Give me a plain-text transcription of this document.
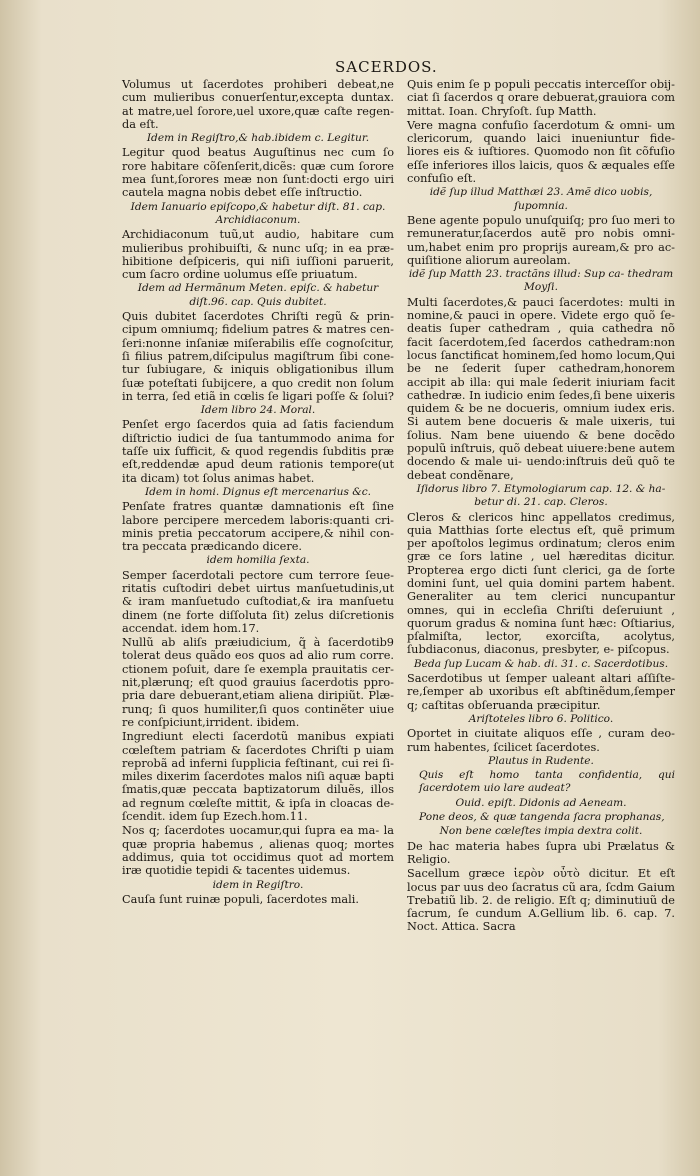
SACERDOS.

Volumus ut ſacerdotes prohiberi debeat,ne cum mulieribus conuerſentur,excepta duntax. at matre,uel ſorore,uel uxore,quæ caſte regen- da eſt.

Idem in Regiſtro,& hab.ibidem c. Legitur.

Legitur quod beatus Auguſtinus nec cum ſo rore habitare cõſenſerit,dicẽs: quæ cum ſorore mea ſunt,ſorores meæ non ſunt:docti ergo uiri cautela magna nobis debet eſſe inſtructio.

Idem Ianuario epiſcopo,& habetur diſt. 81. cap. Archidiaconum.

Archidiaconum tuũ,ut audio, habitare cum mulieribus prohibuiſti, & nunc uſq; in ea præ- hibitione deſpiceris, qui niſi iuſſioni paruerit, cum ſacro ordine uolumus eſſe priuatum.

Idem ad Hermãnum Meten. epiſc. & habetur diſt.96. cap. Quis dubitet.

Quis dubitet ſacerdotes Chriſti regũ & prin- cipum omniumq; fidelium patres & matres cen- ſeri:nonne inſaniæ miſerabilis eſſe cognoſcitur, ſi filius patrem,diſcipulus magiſtrum ſibi cone- tur ſubiugare, & iniquis obligationibus illum ſuæ poteſtati ſubijcere, a quo credit non ſolum in terra, ſed etiã in cœlis ſe ligari poſſe & ſolui?

Idem libro 24. Moral.

Penſet ergo ſacerdos quia ad ſatis faciendum diſtrictio iudici de ſua tantummodo anima for taſſe uix ſufficit, & quod regendis ſubditis præ eſt,reddendæ apud deum rationis tempore(ut ita dicam) tot ſolus animas habet.

Idem in homi. Dignus eſt mercenarius &c.

Penſate fratres quantæ damnationis eſt ſine labore percipere mercedem laboris:quanti cri- minis pretia peccatorum accipere,& nihil con- tra peccata prædicando dicere.

idem homilia ſexta.

Semper ſacerdotali pectore cum terrore ſeue- ritatis cuſtodiri debet uirtus manſuetudinis,ut & iram manſuetudo cuſtodiat,& ira manſuetu dinem (ne forte diſſoluta ſit) zelus diſcretionis accendat. idem hom.17.

Nullũ ab aliſs præiudicium, q̃ à ſacerdotib9 tolerat deus quãdo eos quos ad alio rum corre. ctionem poſuit, dare ſe exempla prauitatis cer- nit,plærunq; eſt quod grauius ſacerdotis ppro- pria dare debuerant,etiam aliena diripiũt. Plæ- runq; ſi quos humiliter,ſi quos continẽter uiue re conſpiciunt,irrident. ibidem.

Ingrediunt electi ſacerdotũ manibus expiati cœleſtem patriam & ſacerdotes Chriſti p uiam reprobã ad inferni ſupplicia feſtinant, cui rei ſi- miles dixerim ſacerdotes malos niſi aquæ bapti ſmatis,quæ peccata baptizatorum diluẽs, illos ad regnum cœleſte mittit, & ipſa in cloacas de- ſcendit. idem ſup Ezech.hom.11.

Nos q; ſacerdotes uocamur,qui ſupra ea ma- la quæ propria habemus , alienas quoq; mortes addimus, quia tot occidimus quot ad mortem iræ quotidie tepidi & tacentes uidemus.

idem in Regiſtro.

Cauſa ſunt ruinæ populi, ſacerdotes mali.

Quis enim ſe p populi peccatis interceſſor obij- ciat ſi ſacerdos q orare debuerat,grauiora com mittat. Ioan. Chryſoſt. ſup Matth.

Vere magna confuſio ſacerdotum & omni- um clericorum, quando laici inueniuntur fide- liores eis & iuſtiores. Quomodo non ſit cõfuſio eſſe inferiores illos laicis, quos & æquales eſſe confuſio eſt.

idẽ ſup illud Matthæi 23. Amẽ dico uobis, ſupomnia.

Bene agente populo unuſquiſq; pro ſuo meri to remuneratur,ſacerdos autẽ pro nobis omni- um,habet enim pro proprijs auream,& pro ac- quiſitione aliorum aureolam.

idẽ ſup Matth 23. tractãns illud: Sup ca- thedram Moyſi.

Multi ſacerdotes,& pauci ſacerdotes: multi in nomine,& pauci in opere. Videte ergo quõ ſe- deatis ſuper cathedram , quia cathedra nõ facit ſacerdotem,ſed ſacerdos cathedram:non locus ſanctificat hominem,ſed homo locum,Qui be ne ſederit ſuper cathedram,honorem accipit ab illa: qui male ſederit iniuriam facit cathedræ. In iudicio enim ſedes,ſi bene uixeris quidem & be ne docueris, omnium iudex eris. Si autem bene docueris & male uixeris, tui ſolius. Nam bene uiuendo & bene docẽdo populũ inſtruis, quõ debeat uiuere:bene autem docendo & male ui- uendo:inſtruis deũ quõ te debeat condẽnare,

Iſidorus libro 7. Etymologiarum cap. 12. & ha- betur di. 21. cap. Cleros.

Cleros & clericos hinc appellatos credimus, quia Matthias ſorte electus eſt, quẽ primum per apoſtolos legimus ordinatum; cleros enim græ ce ſors latine , uel hæreditas dicitur. Propterea ergo dicti ſunt clerici, ga de ſorte domini ſunt, uel quia domini partem habent. Generaliter au tem clerici nuncupantur omnes, qui in eccleſia Chriſti deſeruiunt , quorum gradus & nomina ſunt hæc: Oſtiarius, pſalmiſta, lector, exorciſta, acolytus, ſubdiaconus, diaconus, presbyter, e- piſcopus.

Beda ſup Lucam & hab. di. 31. c. Sacerdotibus.

Sacerdotibus ut ſemper ualeant altari aſſiſte- re,ſemper ab uxoribus eſt abſtinẽdum,ſemper q; caſtitas obſeruanda præcipitur.

Ariſtoteles libro 6. Politico.

Oportet in ciuitate aliquos eſſe , curam deo- rum habentes, ſcilicet ſacerdotes.

Plautus in Rudente.

Quis eſt homo tanta confidentia, qui ſacerdotem uio lare audeat?

Ouid. epiſt. Didonis ad Aeneam.

Pone deos, & quæ tangenda ſacra prophanas,

Non bene cœleſtes impia dextra colit.

De hac materia habes ſupra ubi Prælatus & Religio.

Sacellum græce ἱερὸν οὖτὸ dicitur. Et eſt locus par uus deo ſacratus cũ ara, ſcdm Gaium Trebatiũ lib. 2. de religio. Eſt q; diminutiuũ de ſacrum, ſe cundum A.Gellium lib. 6. cap. 7. Noct. Attica. Sacra
